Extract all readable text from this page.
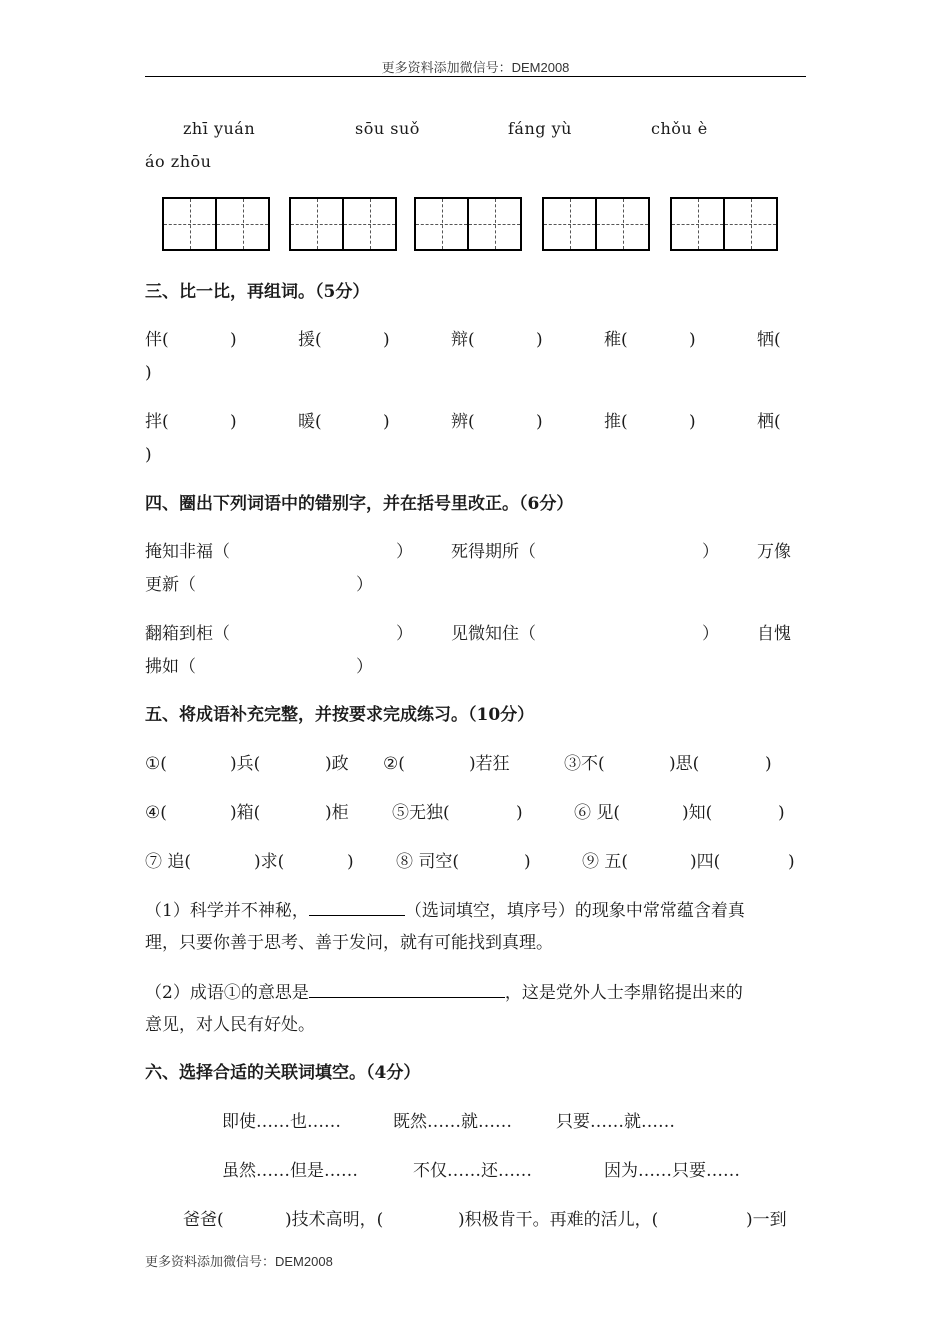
更多资料添加微信号：DEM2008
zhī yuán	sōu suǒ	fáng yù	chǒu è
áo zhōu
三、比一比，再组词。（5分）
伴(	)	援(	)	辩(	)	稚(	)	牺(
)
拌(	)	暖(	)	辨(	)	推(	)	栖(
)
四、圈出下列词语中的错别字，并在括号里改正。（6分）
掩知非福（	） 死得期所（	） 万像
更新（	）
翻箱到柜（	） 见微知住（	） 自愧
拂如（	）
五、将成语补充完整，并按要求完成练习。（10分）
①(	)兵(	)政 ②(	)若狂	③不(	)思(	)
④(	)箱(	)柜	⑤无独(	)	⑥ 见(	)知(	)
⑦ 追(	)求(	) ⑧ 司空(	)	⑨ 五(	)四(	)
（1）科学并不神秘，	（选词填空，填序号）的现象中常常蕴含着真
理，只要你善于思考、善于发问，就有可能找到真理。
（2）成语①的意思是	，这是党外人士李鼎铭提出来的
意见，对人民有好处。
六、选择合适的关联词填空。（4分）
即使……也……	既然……就……	只要……就……
虽然……但是……	不仅……还……	因为……只要……
爸爸(	)技术高明，(	)积极肯干。再难的活儿，(	)一到
更多资料添加微信号：DEM2008
